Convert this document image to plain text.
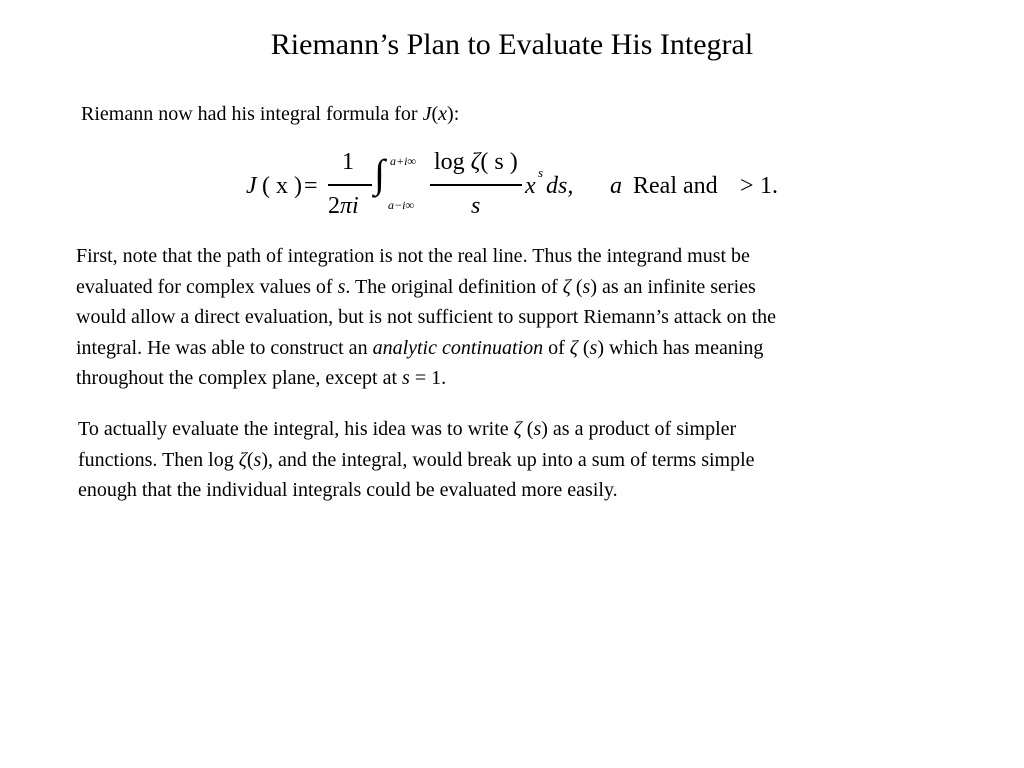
Riemann’s Plan to Evaluate His Integral
Riemann now had his integral formula for J(x):
J ( x ) =
1
2πi
∫ a+i∞
a−i∞
log ζ( s )
s
x
s
ds, a Real and > 1.
First, note that the path of integration is not the real line. Thus the integrand must be
evaluated for complex values of s. The original definition of ζ (s) as an infinite series
would allow a direct evaluation, but is not sufficient to support Riemann’s attack on the
integral. He was able to construct an analytic continuation of ζ (s) which has meaning
throughout the complex plane, except at s = 1.
To actually evaluate the integral, his idea was to write ζ (s) as a product of simpler
functions. Then log ζ(s), and the integral, would break up into a sum of terms simple
enough that the individual integrals could be evaluated more easily.
